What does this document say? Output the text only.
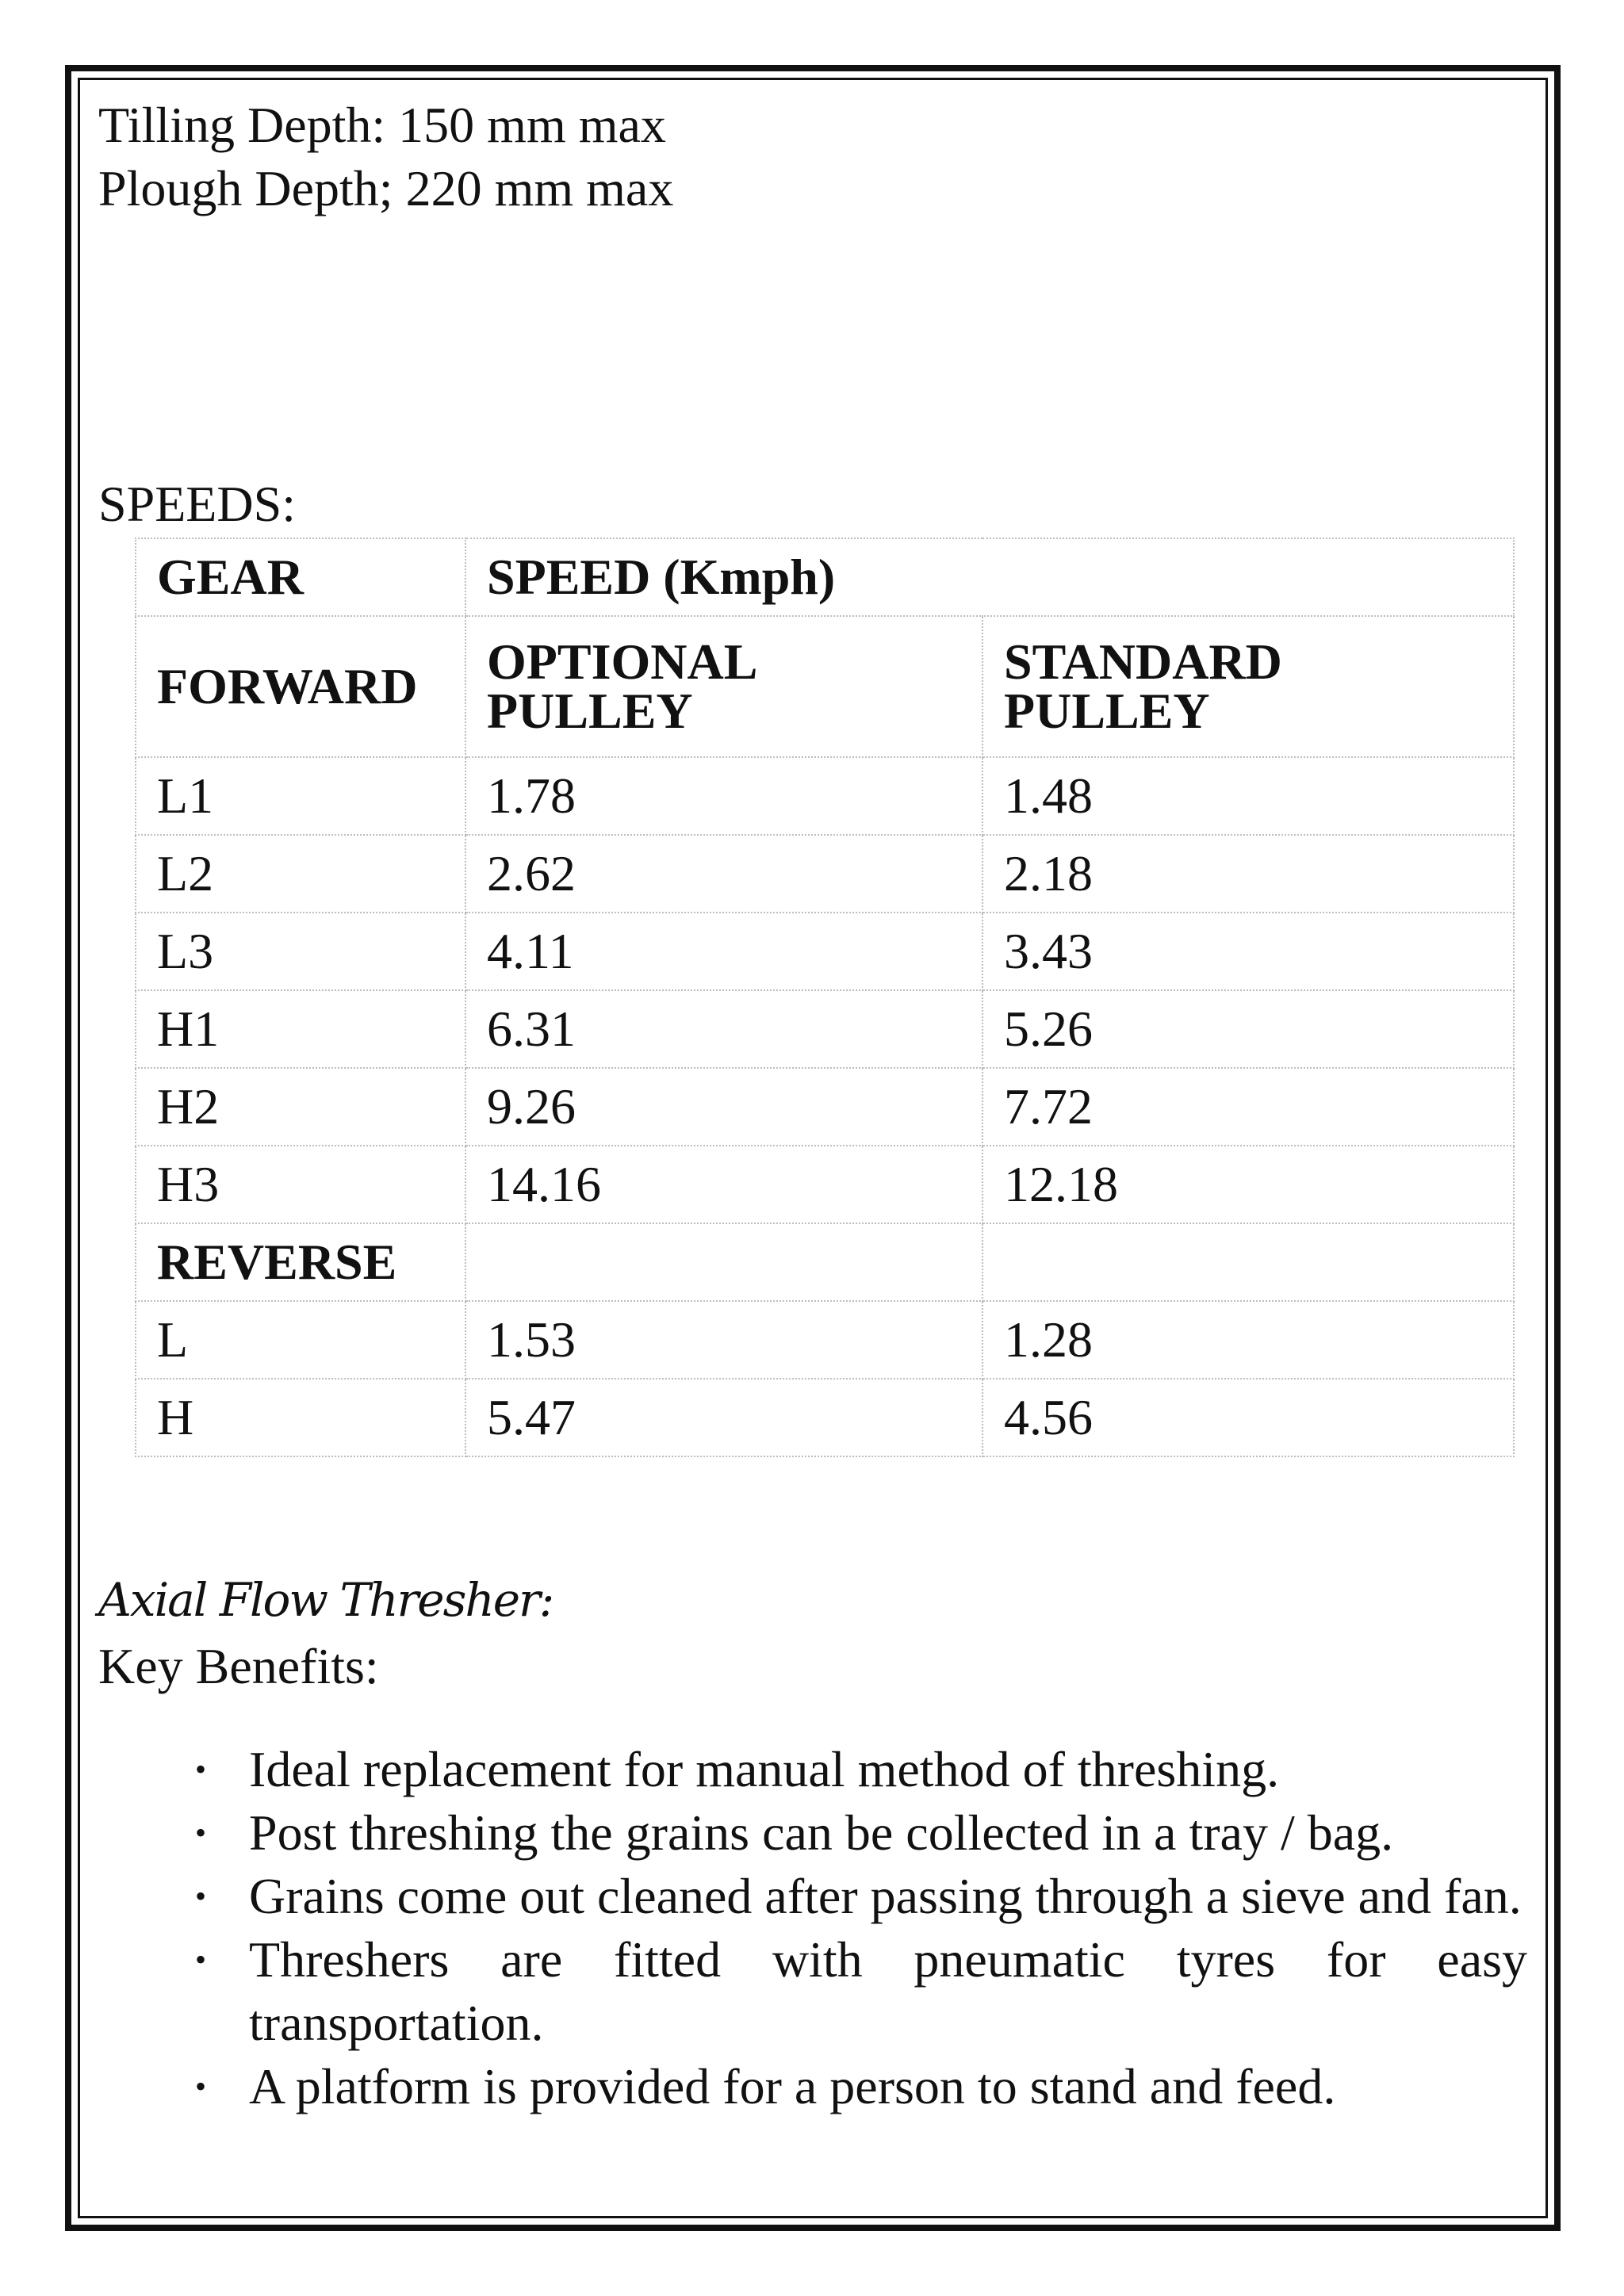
Tilling Depth: 150 mm max

Plough Depth; 220 mm max

SPEEDS:

GEAR	SPEED (Kmph)	
FORWARD	OPTIONAL PULLEY	STANDARD PULLEY
L1	1.78	1.48
L2	2.62	2.18
L3	4.11	3.43
H1	6.31	5.26
H2	9.26	7.72
H3	14.16	12.18
REVERSE		
L	1.53	1.28
H	5.47	4.56

Axial Flow Thresher:

Key Benefits:

• Ideal replacement for manual method of threshing.
• Post threshing the grains can be collected in a tray / bag.
• Grains come out cleaned after passing through a sieve and fan.
• Threshers are fitted with pneumatic tyres for easy transportation.
• A platform is provided for a person to stand and feed.
